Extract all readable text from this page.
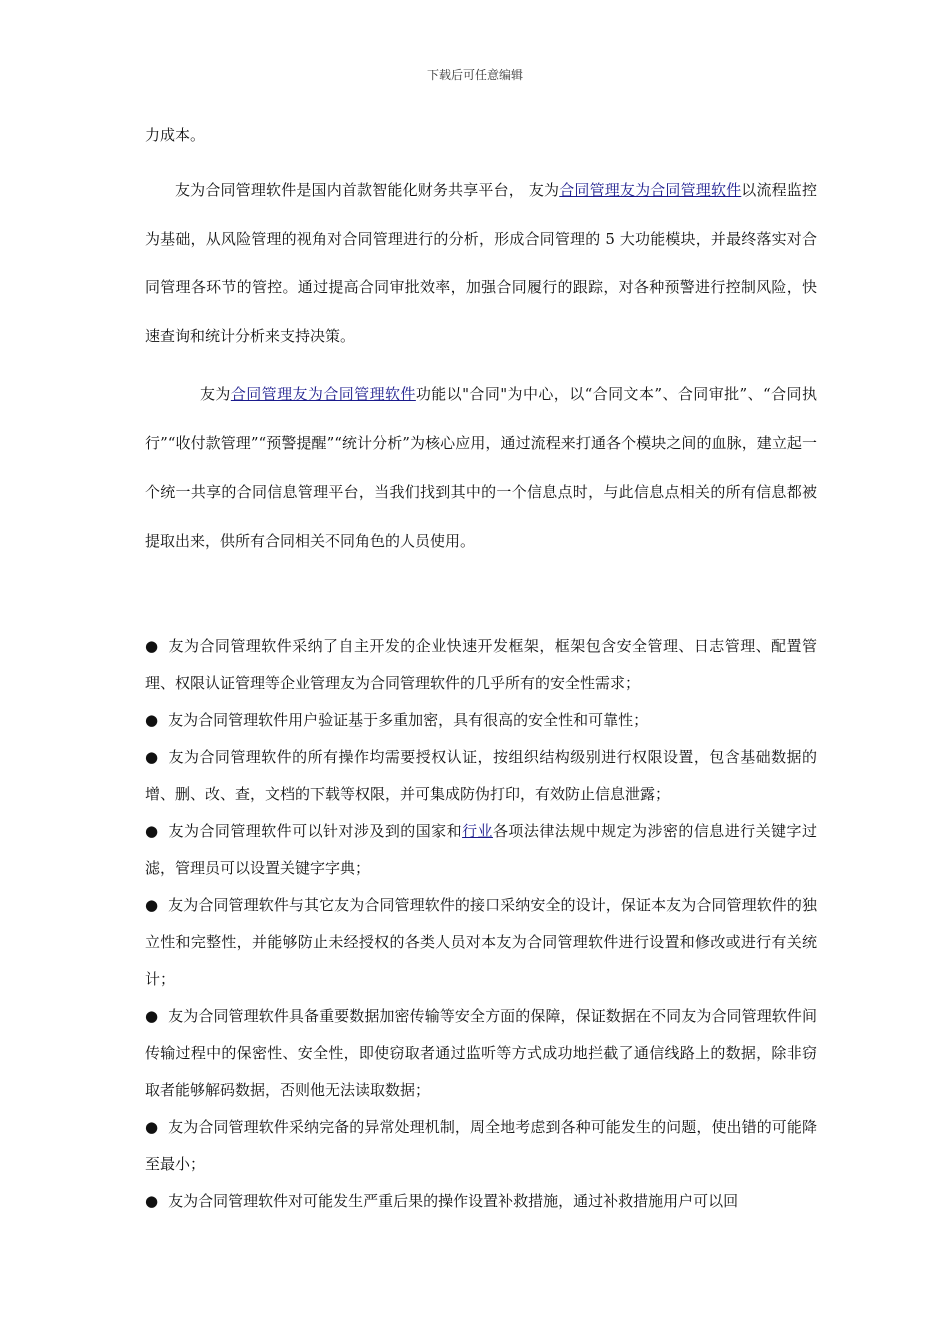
下载后可任意编辑

力成本。

友为合同管理软件是国内首款智能化财务共享平台， 友为合同管理友为合同管理软件以流程监控为基础，从风险管理的视角对合同管理进行的分析，形成合同管理的 5 大功能模块，并最终落实对合同管理各环节的管控。通过提高合同审批效率，加强合同履行的跟踪，对各种预警进行控制风险，快速查询和统计分析来支持决策。

友为合同管理友为合同管理软件功能以"合同"为中心，以“合同文本”、合同审批”、“合同执行”“收付款管理”“预警提醒”“统计分析”为核心应用，通过流程来打通各个模块之间的血脉，建立起一个统一共享的合同信息管理平台，当我们找到其中的一个信息点时，与此信息点相关的所有信息都被提取出来，供所有合同相关不同角色的人员使用。

● 友为合同管理软件采纳了自主开发的企业快速开发框架，框架包含安全管理、日志管理、配置管理、权限认证管理等企业管理友为合同管理软件的几乎所有的安全性需求；
● 友为合同管理软件用户验证基于多重加密，具有很高的安全性和可靠性；
● 友为合同管理软件的所有操作均需要授权认证，按组织结构级别进行权限设置，包含基础数据的增、删、改、查，文档的下载等权限，并可集成防伪打印，有效防止信息泄露；
● 友为合同管理软件可以针对涉及到的国家和行业各项法律法规中规定为涉密的信息进行关键字过滤，管理员可以设置关键字字典；
● 友为合同管理软件与其它友为合同管理软件的接口采纳安全的设计，保证本友为合同管理软件的独立性和完整性，并能够防止未经授权的各类人员对本友为合同管理软件进行设置和修改或进行有关统计；
● 友为合同管理软件具备重要数据加密传输等安全方面的保障，保证数据在不同友为合同管理软件间传输过程中的保密性、安全性，即使窃取者通过监听等方式成功地拦截了通信线路上的数据，除非窃取者能够解码数据，否则他无法读取数据；
● 友为合同管理软件采纳完备的异常处理机制，周全地考虑到各种可能发生的问题，使出错的可能降至最小；
● 友为合同管理软件对可能发生严重后果的操作设置补救措施，通过补救措施用户可以回
